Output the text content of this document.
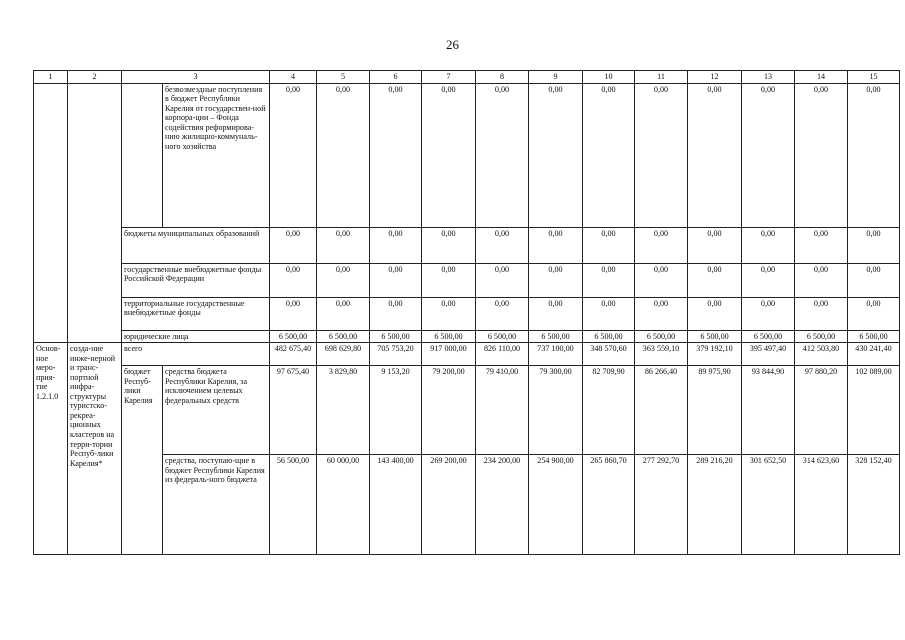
26
1	2	3		4	5	6	7	8	9	10	11	12	13	14	15
			безвозмездные поступления в бюджет Республики Карелия от государствен-ной корпора-ции – Фонда содействия реформирова-нию жилищно-коммуналь-ного хозяйства	0,00	0,00	0,00	0,00	0,00	0,00	0,00	0,00	0,00	0,00	0,00	0,00
		бюджеты муниципальных образований		0,00	0,00	0,00	0,00	0,00	0,00	0,00	0,00	0,00	0,00	0,00	0,00
		государственные внебюджетные фонды Российской Федерации		0,00	0,00	0,00	0,00	0,00	0,00	0,00	0,00	0,00	0,00	0,00	0,00
		территориальные государственные внебюджетные фонды		0,00	0,00	0,00	0,00	0,00	0,00	0,00	0,00	0,00	0,00	0,00	0,00
		юридические лица		6 500,00	6 500,00	6 500,00	6 500,00	6 500,00	6 500,00	6 500,00	6 500,00	6 500,00	6 500,00	6 500,00	6 500,00
Основ-ное меро-прия-тие 1.2.1.0	созда-ние инже-нерной и транс-портной инфра-структуры туристско-рекреа-ционных кластеров на терри-тории Респуб-лики Карелия*	всего		482 675,40	698 629,80	705 753,20	917 000,00	826 110,00	737 100,00	348 570,60	363 559,10	379 192,10	395 497,40	412 503,80	430 241,40
		бюджет Респуб-лики Карелия	средства бюджета Республики Карелия, за исключением целевых федеральных средств	97 675,40	3 829,80	9 153,20	79 200,00	79 410,00	79 300,00	82 709,90	86 266,40	89 975,90	93 844,90	97 880,20	102 089,00
			средства, поступаю-щие в бюджет Республики Карелия из федераль-ного бюджета	56 500,00	60 000,00	143 400,00	269 200,00	234 200,00	254 900,00	265 860,70	277 292,70	289 216,20	301 652,50	314 623,60	328 152,40
